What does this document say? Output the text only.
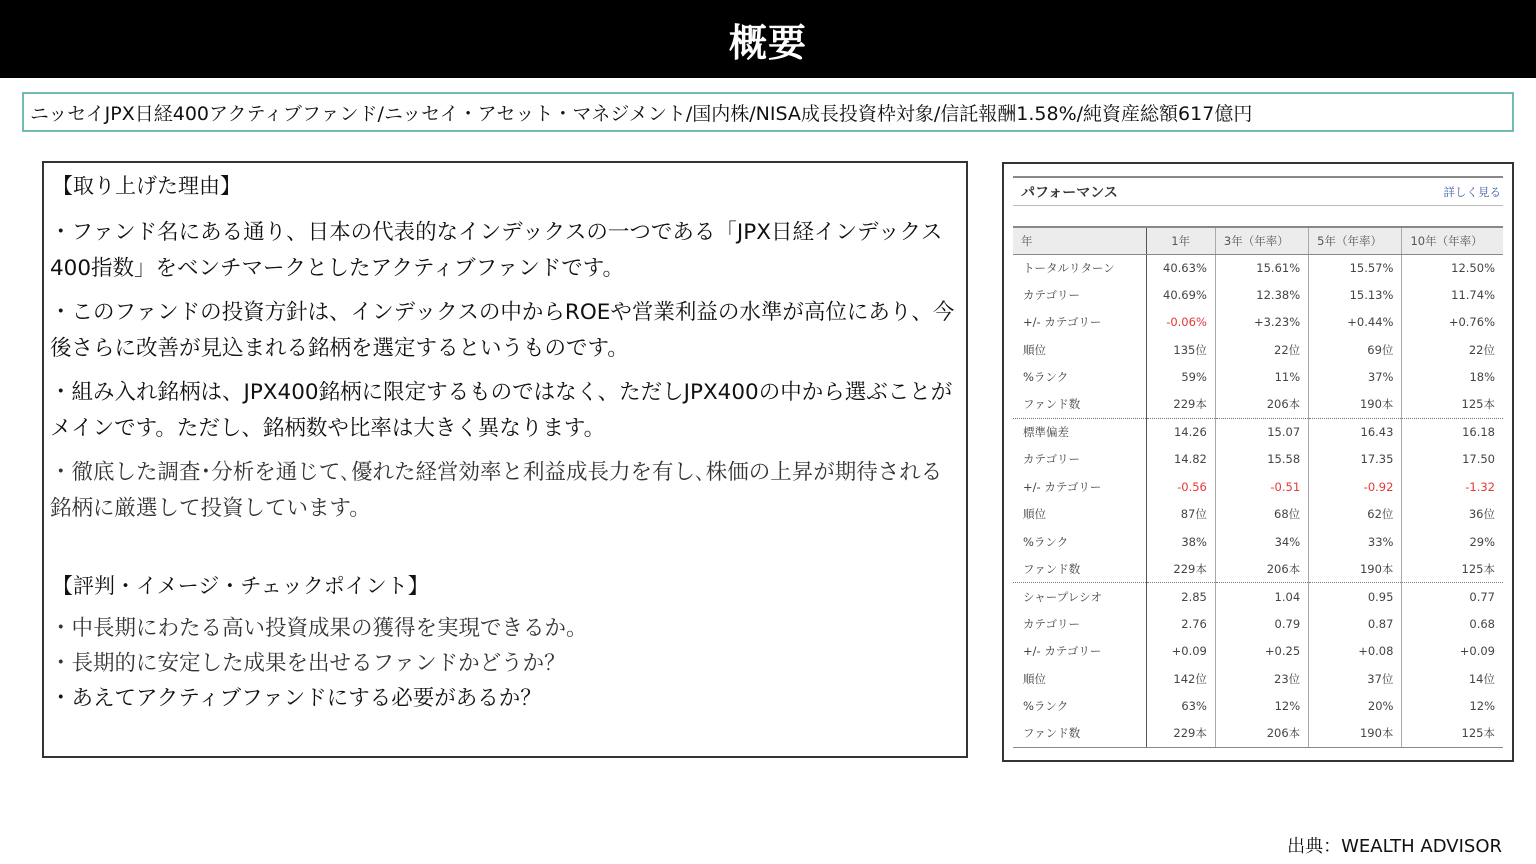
概要
ニッセイJPX日経400アクティブファンド/ニッセイ・アセット・マネジメント/国内株/NISA成長投資枠対象/信託報酬1.58%/純資産総額617億円
【取り上げた理由】
・ファンド名にある通り、日本の代表的なインデックスの一つである「JPX日経インデックス400指数」をベンチマークとしたアクティブファンドです。
・このファンドの投資方針は、インデックスの中からROEや営業利益の水準が高位にあり、今後さらに改善が見込まれる銘柄を選定するというものです。
・組み入れ銘柄は、JPX400銘柄に限定するものではなく、ただしJPX400の中から選ぶことがメインです。ただし、銘柄数や比率は大きく異なります。
・徹底した調査･分析を通じて､優れた経営効率と利益成長力を有し､株価の上昇が期待される銘柄に厳選して投資しています。
【評判・イメージ・チェックポイント】
・中長期にわたる高い投資成果の獲得を実現できるか。
・長期的に安定した成果を出せるファンドかどうか？
・あえてアクティブファンドにする必要があるか？
パフォーマンス	詳しく見る
年	1年	3年（年率）	5年（年率）	10年（年率）
トータルリターン	40.63%	15.61%	15.57%	12.50%
カテゴリー	40.69%	12.38%	15.13%	11.74%
+/- カテゴリー	-0.06%	+3.23%	+0.44%	+0.76%
順位	135位	22位	69位	22位
%ランク	59%	11%	37%	18%
ファンド数	229本	206本	190本	125本
標準偏差	14.26	15.07	16.43	16.18
カテゴリー	14.82	15.58	17.35	17.50
+/- カテゴリー	-0.56	-0.51	-0.92	-1.32
順位	87位	68位	62位	36位
%ランク	38%	34%	33%	29%
ファンド数	229本	206本	190本	125本
シャープレシオ	2.85	1.04	0.95	0.77
カテゴリー	2.76	0.79	0.87	0.68
+/- カテゴリー	+0.09	+0.25	+0.08	+0.09
順位	142位	23位	37位	14位
%ランク	63%	12%	20%	12%
ファンド数	229本	206本	190本	125本
出典：WEALTH ADVISOR
